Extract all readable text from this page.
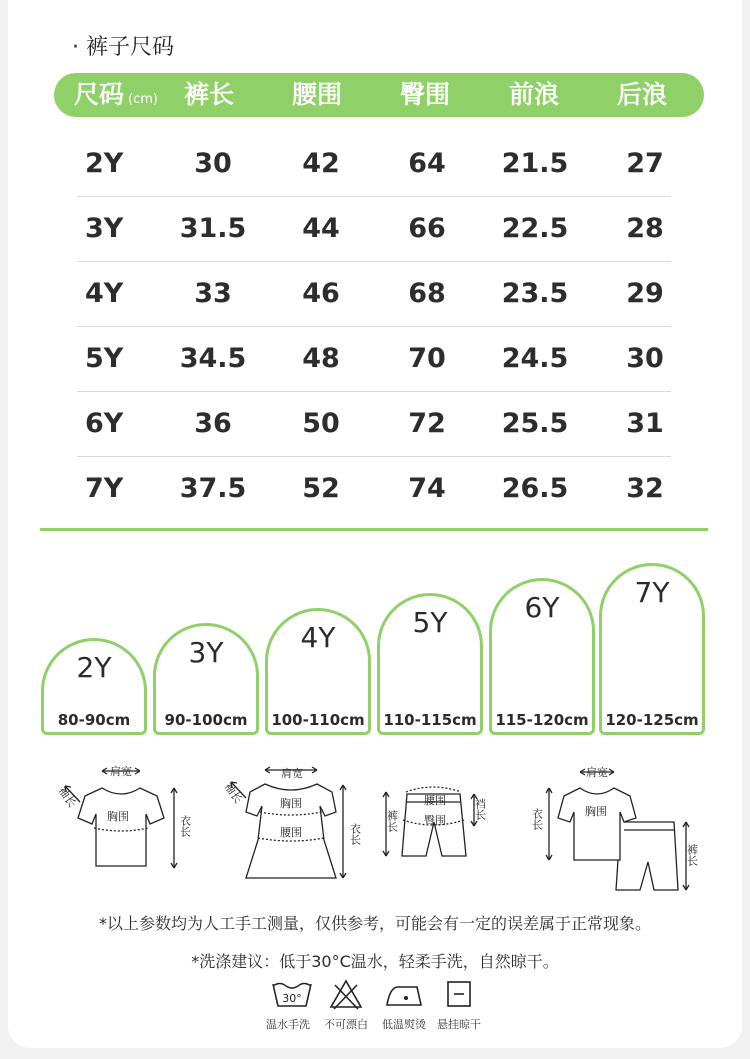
· 裤子尺码
尺码 (cm)	裤长	腰围	臀围	前浪	后浪
2Y	30	42	64	21.5	27
3Y	31.5	44	66	22.5	28
4Y	33	46	68	23.5	29
5Y	34.5	48	70	24.5	30
6Y	36	50	72	25.5	31
7Y	37.5	52	74	26.5	32
2Y
80-90cm
3Y
90-100cm
4Y
100-110cm
5Y
110-115cm
6Y
115-120cm
7Y
120-125cm
肩宽
袖长
胸围	衣长
肩宽
袖长	胸围
腰围	衣长
腰围
臀围
裤长
裆长
肩宽
胸围
衣长
裤长
*以上参数均为人工手工测量，仅供参考，可能会有一定的误差属于正常现象。
*洗涤建议：低于30°C温水，轻柔手洗，自然晾干。
30°
温水手洗	不可漂白	低温熨烫	悬挂晾干
